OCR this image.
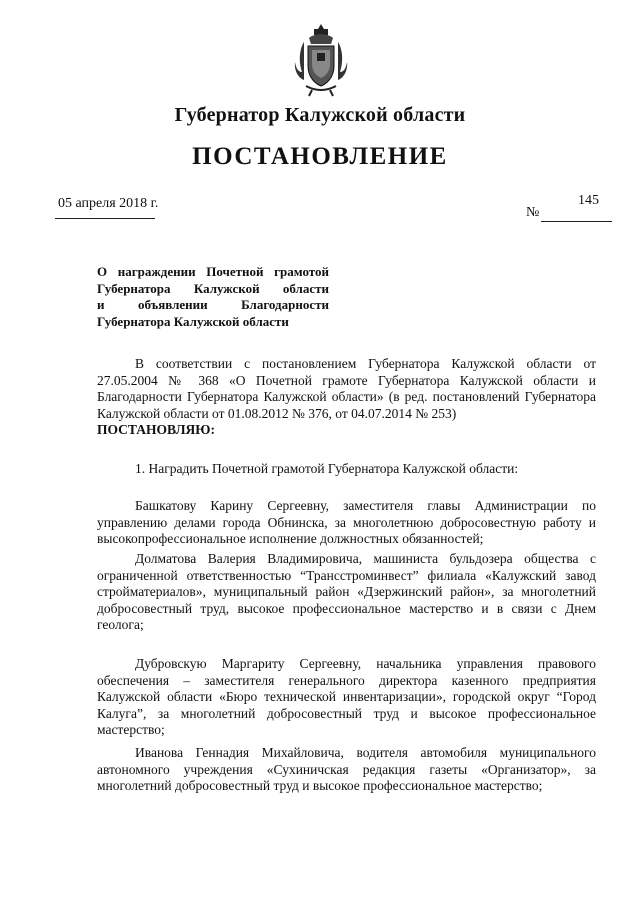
Губернатор Калужской области
ПОСТАНОВЛЕНИЕ
05 апреля 2018 г.	145
№
О награждении Почетной грамотой
Губернатора Калужской области
и объявлении Благодарности
Губернатора Калужской области
В соответствии с постановлением Губернатора Калужской области от 27.05.2004 № 368 «О Почетной грамоте Губернатора Калужской области и Благодарности Губернатора Калужской области» (в ред. постановлений Губернатора Калужской области от 01.08.2012 № 376, от 04.07.2014 № 253)
ПОСТАНОВЛЯЮ:
1. Наградить Почетной грамотой Губернатора Калужской области:
Башкатову Карину Сергеевну, заместителя главы Администрации по управлению делами города Обнинска, за многолетнюю добросовестную работу и высокопрофессиональное исполнение должностных обязанностей;
Долматова Валерия Владимировича, машиниста бульдозера общества с ограниченной ответственностью “Трансстроминвест” филиала «Калужский завод стройматериалов», муниципальный район «Дзержинский район», за многолетний добросовестный труд, высокое профессиональное мастерство и в связи с Днем геолога;
Дубровскую Маргариту Сергеевну, начальника управления правового обеспечения – заместителя генерального директора казенного предприятия Калужской области «Бюро технической инвентаризации», городской округ “Город Калуга”, за многолетний добросовестный труд и высокое профессиональное мастерство;
Иванова Геннадия Михайловича, водителя автомобиля муниципального автономного учреждения «Сухиничская редакция газеты «Организатор», за многолетний добросовестный труд и высокое профессиональное мастерство;
